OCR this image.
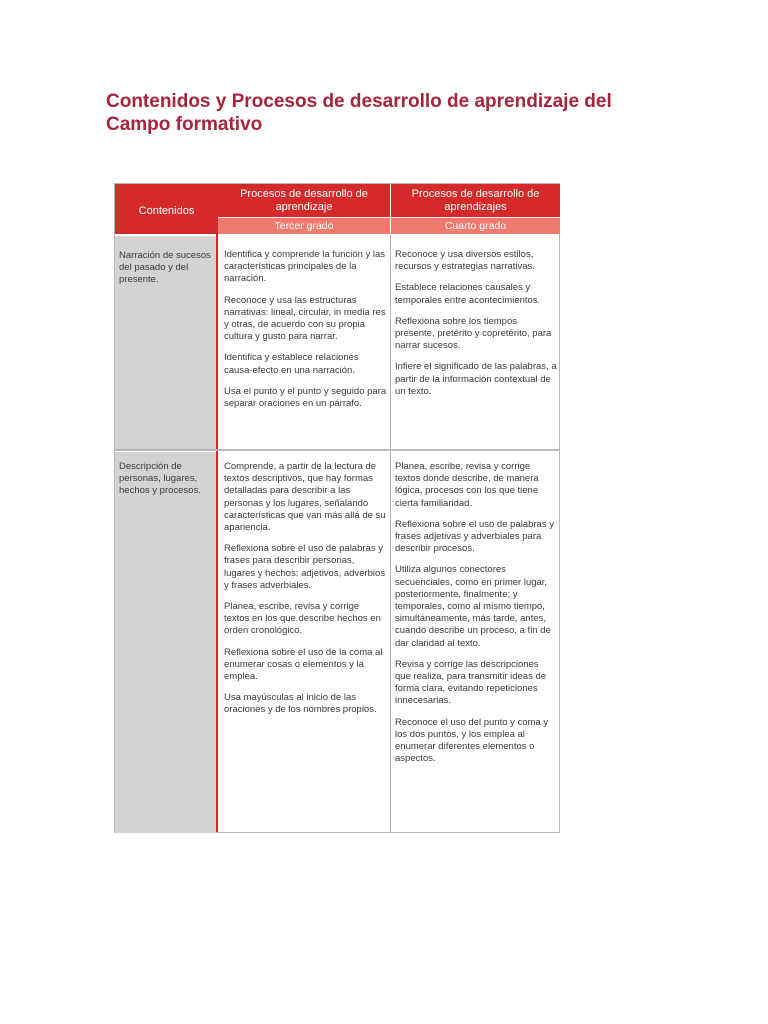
Contenidos y Procesos de desarrollo de aprendizaje del Campo formativo
Contenidos
Procesos de desarrollo de aprendizaje
Procesos de desarrollo de aprendizajes
Tercer grado	Cuarto grado
Narración de sucesos del pasado y del presente.

Identifica y comprende la función y las características principales de la narración.

Reconoce y usa las estructuras narrativas: lineal, circular, in media res y otras, de acuerdo con su propia cultura y gusto para narrar.

Identifica y establece relaciones causa-efecto en una narración.

Usa el punto y el punto y seguido para separar oraciones en un párrafo.

Reconoce y usa diversos estilos, recursos y estrategias narrativas.

Establece relaciones causales y temporales entre acontecimientos.

Reflexiona sobre los tiempos presente, pretérito y copretérito, para narrar sucesos.

Infiere el significado de las palabras, a partir de la información contextual de un texto.

Descripción de personas, lugares, hechos y procesos.

Comprende, a partir de la lectura de textos descriptivos, que hay formas detalladas para describir a las personas y los lugares, señalando características que van más allá de su apariencia.

Reflexiona sobre el uso de palabras y frases para describir personas, lugares y hechos: adjetivos, adverbios y frases adverbiales.

Planea, escribe, revisa y corrige textos en los que describe hechos en orden cronológico.

Reflexiona sobre el uso de la coma al enumerar cosas o elementos y la emplea.

Usa mayúsculas al inicio de las oraciones y de los nombres propios.

Planea, escribe, revisa y corrige textos donde describe, de manera lógica, procesos con los que tiene cierta familiaridad.

Reflexiona sobre el uso de palabras y frases adjetivas y adverbiales para describir procesos.

Utiliza algunos conectores secuenciales, como en primer lugar, posteriormente, finalmente; y temporales, como al mismo tiempo, simultáneamente, más tarde, antes, cuando describe un proceso, a fin de dar claridad al texto.

Revisa y corrige las descripciones que realiza, para transmitir ideas de forma clara, evitando repeticiones innecesarias.

Reconoce el uso del punto y coma y los dos puntos, y los emplea al enumerar diferentes elementos o aspectos.
